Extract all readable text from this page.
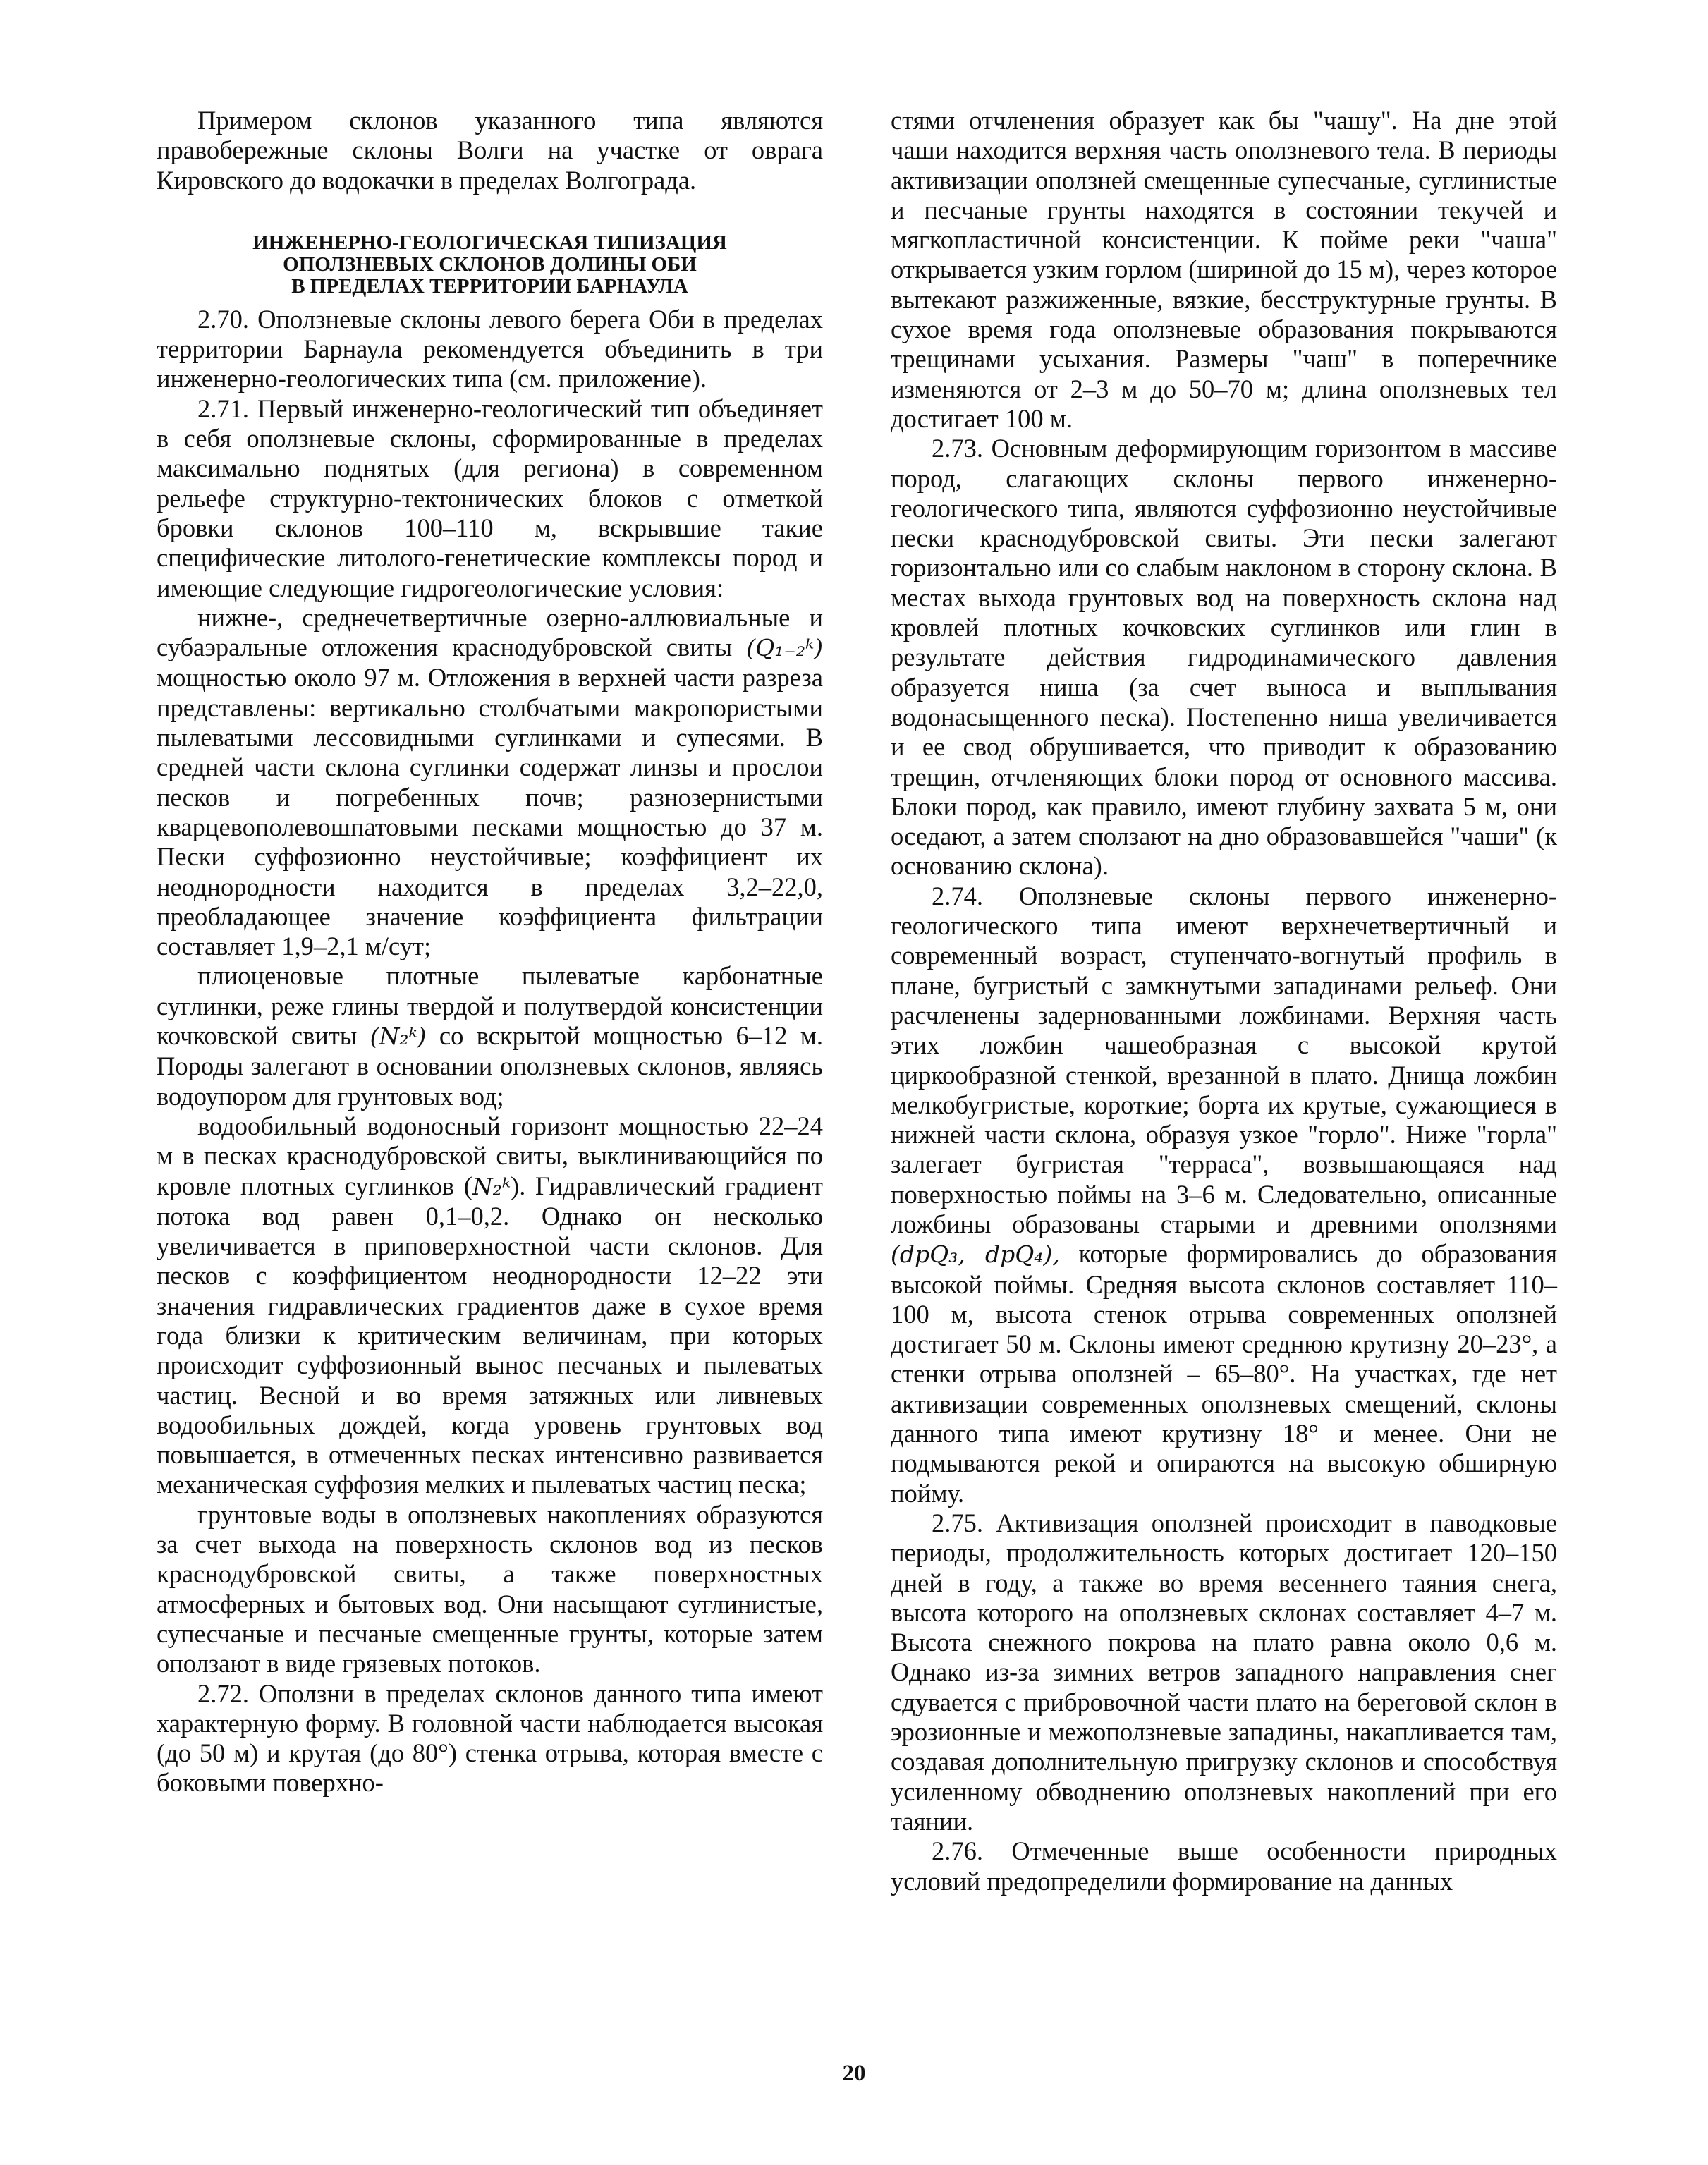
Примером склонов указанного типа являются правобережные склоны Волги на участке от оврага Кировского до водокачки в пределах Волгограда.

ИНЖЕНЕРНО-ГЕОЛОГИЧЕСКАЯ ТИПИЗАЦИЯ
ОПОЛЗНЕВЫХ СКЛОНОВ ДОЛИНЫ ОБИ
В ПРЕДЕЛАХ ТЕРРИТОРИИ БАРНАУЛА

2.70. Оползневые склоны левого берега Оби в пределах территории Барнаула рекомендуется объединить в три инженерно-геологических типа (см. приложение).

2.71. Первый инженерно-геологический тип объединяет в себя оползневые склоны, сформированные в пределах максимально поднятых (для региона) в современном рельефе структурно-тектонических блоков с отметкой бровки склонов 100–110 м, вскрывшие такие специфические литолого-генетические комплексы пород и имеющие следующие гидрогеологические условия:

нижне-, среднечетвертичные озерно-аллювиальные и субаэральные отложения краснодубровской свиты (Q₁₋₂ᵏ) мощностью около 97 м. Отложения в верхней части разреза представлены: вертикально столбчатыми макропористыми пылеватыми лессовидными суглинками и супесями. В средней части склона суглинки содержат линзы и прослои песков и погребенных почв; разнозернистыми кварцевополевошпатовыми песками мощностью до 37 м. Пески суффозионно неустойчивые; коэффициент их неоднородности находится в пределах 3,2–22,0, преобладающее значение коэффициента фильтрации составляет 1,9–2,1 м/сут;

плиоценовые плотные пылеватые карбонатные суглинки, реже глины твердой и полутвердой консистенции кочковской свиты (N₂ᵏ) со вскрытой мощностью 6–12 м. Породы залегают в основании оползневых склонов, являясь водоупором для грунтовых вод;

водообильный водоносный горизонт мощностью 22–24 м в песках краснодубровской свиты, выклинивающийся по кровле плотных суглинков (N₂ᵏ). Гидравлический градиент потока вод равен 0,1–0,2. Однако он несколько увеличивается в приповерхностной части склонов. Для песков с коэффициентом неоднородности 12–22 эти значения гидравлических градиентов даже в сухое время года близки к критическим величинам, при которых происходит суффозионный вынос песчаных и пылеватых частиц. Весной и во время затяжных или ливневых водообильных дождей, когда уровень грунтовых вод повышается, в отмеченных песках интенсивно развивается механическая суффозия мелких и пылеватых частиц песка;

грунтовые воды в оползневых накоплениях образуются за счет выхода на поверхность склонов вод из песков краснодубровской свиты, а также поверхностных атмосферных и бытовых вод. Они насыщают суглинистые, супесчаные и песчаные смещенные грунты, которые затем оползают в виде грязевых потоков.

2.72. Оползни в пределах склонов данного типа имеют характерную форму. В головной части наблюдается высокая (до 50 м) и крутая (до 80°) стенка отрыва, которая вместе с боковыми поверхно-

стями отчленения образует как бы "чашу". На дне этой чаши находится верхняя часть оползневого тела. В периоды активизации оползней смещенные супесчаные, суглинистые и песчаные грунты находятся в состоянии текучей и мягкопластичной консистенции. К пойме реки "чаша" открывается узким горлом (шириной до 15 м), через которое вытекают разжиженные, вязкие, бесструктурные грунты. В сухое время года оползневые образования покрываются трещинами усыхания. Размеры "чаш" в поперечнике изменяются от 2–3 м до 50–70 м; длина оползневых тел достигает 100 м.

2.73. Основным деформирующим горизонтом в массиве пород, слагающих склоны первого инженерно-геологического типа, являются суффозионно неустойчивые пески краснодубровской свиты. Эти пески залегают горизонтально или со слабым наклоном в сторону склона. В местах выхода грунтовых вод на поверхность склона над кровлей плотных кочковских суглинков или глин в результате действия гидродинамического давления образуется ниша (за счет выноса и выплывания водонасыщенного песка). Постепенно ниша увеличивается и ее свод обрушивается, что приводит к образованию трещин, отчленяющих блоки пород от основного массива. Блоки пород, как правило, имеют глубину захвата 5 м, они оседают, а затем сползают на дно образовавшейся "чаши" (к основанию склона).

2.74. Оползневые склоны первого инженерно-геологического типа имеют верхнечетвертичный и современный возраст, ступенчато-вогнутый профиль в плане, бугристый с замкнутыми западинами рельеф. Они расчленены задернованными ложбинами. Верхняя часть этих ложбин чашеобразная с высокой крутой циркообразной стенкой, врезанной в плато. Днища ложбин мелкобугристые, короткие; борта их крутые, сужающиеся в нижней части склона, образуя узкое "горло". Ниже "горла" залегает бугристая "терраса", возвышающаяся над поверхностью поймы на 3–6 м. Следовательно, описанные ложбины образованы старыми и древними оползнями (dpQ₃, dpQ₄), которые формировались до образования высокой поймы. Средняя высота склонов составляет 110–100 м, высота стенок отрыва современных оползней достигает 50 м. Склоны имеют среднюю крутизну 20–23°, а стенки отрыва оползней – 65–80°. На участках, где нет активизации современных оползневых смещений, склоны данного типа имеют крутизну 18° и менее. Они не подмываются рекой и опираются на высокую обширную пойму.

2.75. Активизация оползней происходит в паводковые периоды, продолжительность которых достигает 120–150 дней в году, а также во время весеннего таяния снега, высота которого на оползневых склонах составляет 4–7 м. Высота снежного покрова на плато равна около 0,6 м. Однако из-за зимних ветров западного направления снег сдувается с прибровочной части плато на береговой склон в эрозионные и межоползневые западины, накапливается там, создавая дополнительную пригрузку склонов и способствуя усиленному обводнению оползневых накоплений при его таянии.

2.76. Отмеченные выше особенности природных условий предопределили формирование на данных

20
